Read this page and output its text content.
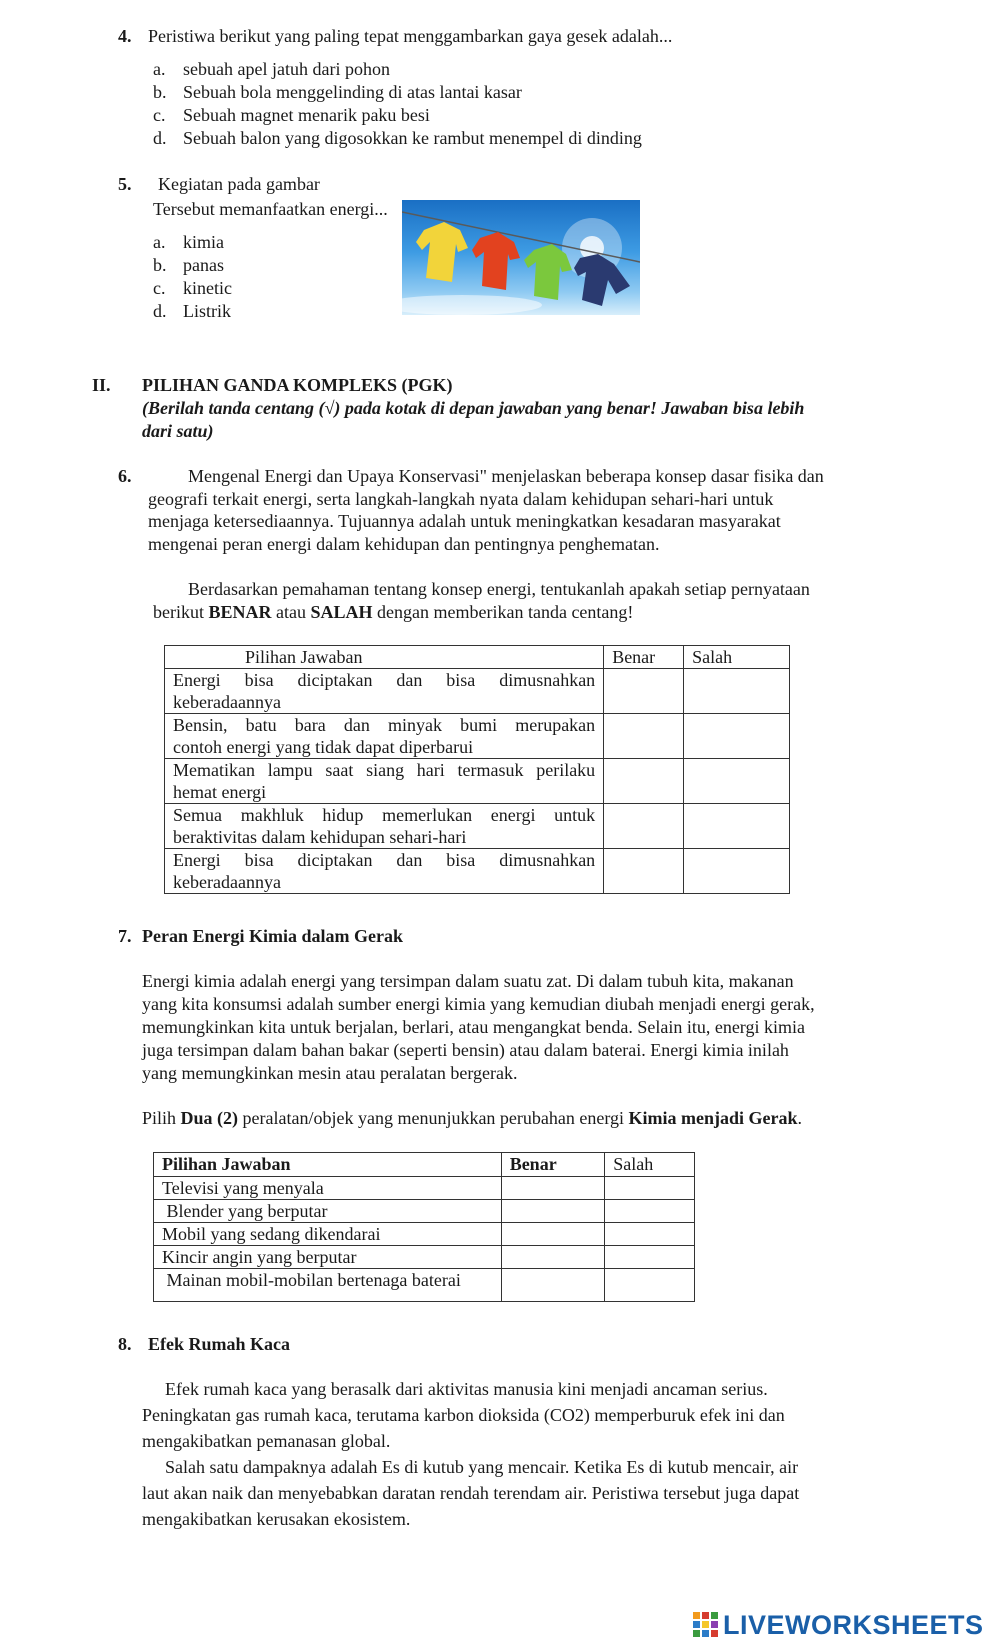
4. Peristiwa berikut yang paling tepat menggambarkan gaya gesek adalah...
a. sebuah apel jatuh dari pohon
b. Sebuah bola menggelinding di atas lantai kasar
c. Sebuah magnet menarik paku besi
d. Sebuah balon yang digosokkan ke rambut menempel di dinding
5. Kegiatan pada gambar
Tersebut memanfaatkan energi...
a. kimia
b. panas
c. kinetic
d. Listrik
II. PILIHAN GANDA KOMPLEKS (PGK)
(Berilah tanda centang (√) pada kotak di depan jawaban yang benar! Jawaban bisa lebih
dari satu)
6.	Mengenal Energi dan Upaya Konservasi" menjelaskan beberapa konsep dasar fisika dan
geografi terkait energi, serta langkah-langkah nyata dalam kehidupan sehari-hari untuk
menjaga ketersediaannya. Tujuannya adalah untuk meningkatkan kesadaran masyarakat
mengenai peran energi dalam kehidupan dan pentingnya penghematan.
Berdasarkan pemahaman tentang konsep energi, tentukanlah apakah setiap pernyataan
berikut BENAR atau SALAH dengan memberikan tanda centang!
Pilihan Jawaban	Benar	Salah

Energi bisa diciptakan dan bisa dimusnahkan
keberadaannya		

Bensin, batu bara dan minyak bumi merupakan
contoh energi yang tidak dapat diperbarui		

Mematikan lampu saat siang hari termasuk perilaku
hemat energi		

Semua makhluk hidup memerlukan energi untuk
beraktivitas dalam kehidupan sehari-hari		

Energi bisa diciptakan dan bisa dimusnahkan
keberadaannya		
7. Peran Energi Kimia dalam Gerak
Energi kimia adalah energi yang tersimpan dalam suatu zat. Di dalam tubuh kita, makanan
yang kita konsumsi adalah sumber energi kimia yang kemudian diubah menjadi energi gerak,
memungkinkan kita untuk berjalan, berlari, atau mengangkat benda. Selain itu, energi kimia
juga tersimpan dalam bahan bakar (seperti bensin) atau dalam baterai. Energi kimia inilah
yang memungkinkan mesin atau peralatan bergerak.
Pilih Dua (2) peralatan/objek yang menunjukkan perubahan energi Kimia menjadi Gerak.
Pilihan Jawaban	Benar	Salah
Televisi yang menyala		
Blender yang berputar		
Mobil yang sedang dikendarai		
Kincir angin yang berputar		
Mainan mobil-mobilan bertenaga baterai		
8. Efek Rumah Kaca
Efek rumah kaca yang berasalk dari aktivitas manusia kini menjadi ancaman serius.
Peningkatan gas rumah kaca, terutama karbon dioksida (CO2) memperburuk efek ini dan
mengakibatkan pemanasan global.
Salah satu dampaknya adalah Es di kutub yang mencair. Ketika Es di kutub mencair, air
laut akan naik dan menyebabkan daratan rendah terendam air. Peristiwa tersebut juga dapat
mengakibatkan kerusakan ekosistem.
LIVEWORKSHEETS
